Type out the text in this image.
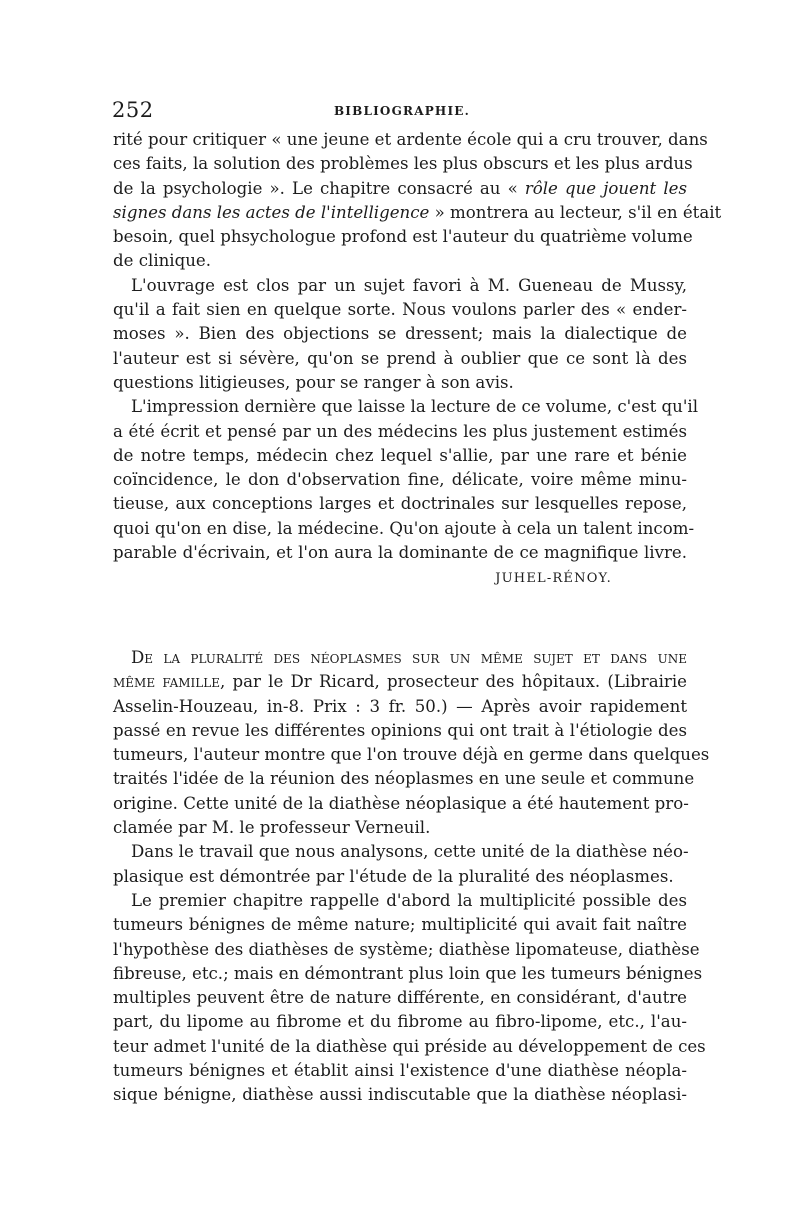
252	BIBLIOGRAPHIE.
rité pour critiquer « une jeune et ardente école qui a cru trouver, dans
ces faits, la solution des problèmes les plus obscurs et les plus ardus
de la psychologie ». Le chapitre consacré au « rôle que jouent les
signes dans les actes de l'intelligence » montrera au lecteur, s'il en était
besoin, quel phsychologue profond est l'auteur du quatrième volume
de clinique.
L'ouvrage est clos par un sujet favori à M. Gueneau de Mussy,
qu'il a fait sien en quelque sorte. Nous voulons parler des « ender-
moses ». Bien des objections se dressent; mais la dialectique de
l'auteur est si sévère, qu'on se prend à oublier que ce sont là des
questions litigieuses, pour se ranger à son avis.
L'impression dernière que laisse la lecture de ce volume, c'est qu'il
a été écrit et pensé par un des médecins les plus justement estimés
de notre temps, médecin chez lequel s'allie, par une rare et bénie
coïncidence, le don d'observation fine, délicate, voire même minu-
tieuse, aux conceptions larges et doctrinales sur lesquelles repose,
quoi qu'on en dise, la médecine. Qu'on ajoute à cela un talent incom-
parable d'écrivain, et l'on aura la dominante de ce magnifique livre.
JUHEL-RÉNOY.
De la pluralité des néoplasmes sur un même sujet et dans une
même famille, par le Dr Ricard, prosecteur des hôpitaux. (Librairie
Asselin-Houzeau, in-8. Prix : 3 fr. 50.) — Après avoir rapidement
passé en revue les différentes opinions qui ont trait à l'étiologie des
tumeurs, l'auteur montre que l'on trouve déjà en germe dans quelques
traités l'idée de la réunion des néoplasmes en une seule et commune
origine. Cette unité de la diathèse néoplasique a été hautement pro-
clamée par M. le professeur Verneuil.
Dans le travail que nous analysons, cette unité de la diathèse néo-
plasique est démontrée par l'étude de la pluralité des néoplasmes.
Le premier chapitre rappelle d'abord la multiplicité possible des
tumeurs bénignes de même nature; multiplicité qui avait fait naître
l'hypothèse des diathèses de système; diathèse lipomateuse, diathèse
fibreuse, etc.; mais en démontrant plus loin que les tumeurs bénignes
multiples peuvent être de nature différente, en considérant, d'autre
part, du lipome au fibrome et du fibrome au fibro-lipome, etc., l'au-
teur admet l'unité de la diathèse qui préside au développement de ces
tumeurs bénignes et établit ainsi l'existence d'une diathèse néopla-
sique bénigne, diathèse aussi indiscutable que la diathèse néoplasi-
